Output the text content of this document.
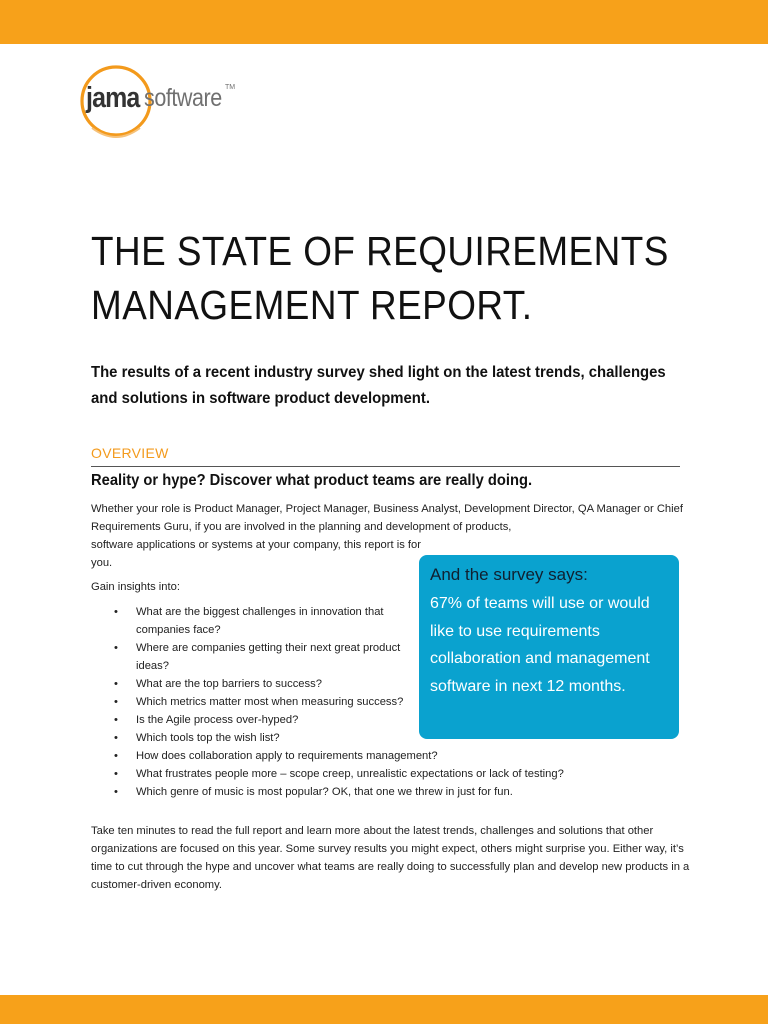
jama software TM
THE STATE OF REQUIREMENTS
MANAGEMENT REPORT.
The results of a recent industry survey shed light on the latest trends, challenges and solutions in software product development.
OVERVIEW
Reality or hype? Discover what product teams are really doing.
Whether your role is Product Manager, Project Manager, Business Analyst, Development Director, QA Manager or Chief Requirements Guru, if you are involved in the planning and development of products,
software applications or systems at your company, this report is for you.
Gain insights into:
• What are the biggest challenges in innovation that companies face?
• Where are companies getting their next great product ideas?
• What are the top barriers to success?
• Which metrics matter most when measuring success?
• Is the Agile process over-hyped?
• Which tools top the wish list?
• How does collaboration apply to requirements management?
• What frustrates people more – scope creep, unrealistic expectations or lack of testing?
• Which genre of music is most popular? OK, that one we threw in just for fun.
Take ten minutes to read the full report and learn more about the latest trends, challenges and solutions that other organizations are focused on this year. Some survey results you might expect, others might surprise you. Either way, it’s time to cut through the hype and uncover what teams are really doing to successfully plan and develop new products in a customer-driven economy.
And the survey says:
67% of teams will use or would like to use requirements collaboration and management software in next 12 months.
